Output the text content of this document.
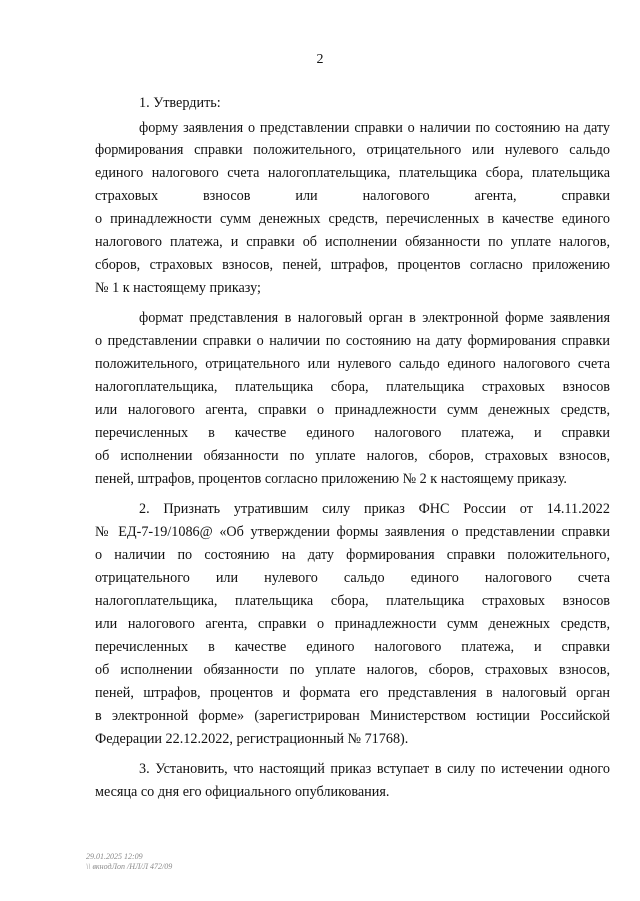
2
1. Утвердить:
форму заявления о представлении справки о наличии по состоянию на дату
формирования справки положительного, отрицательного или нулевого сальдо
единого налогового счета налогоплательщика, плательщика сбора, плательщика
страховых взносов или налогового агента, справки
о принадлежности сумм денежных средств, перечисленных в качестве единого
налогового платежа, и справки об исполнении обязанности по уплате налогов,
сборов, страховых взносов, пеней, штрафов, процентов согласно приложению
№ 1 к настоящему приказу;
формат представления в налоговый орган в электронной форме заявления
о представлении справки о наличии по состоянию на дату формирования справки
положительного, отрицательного или нулевого сальдо единого налогового счета
налогоплательщика, плательщика сбора, плательщика страховых взносов
или налогового агента, справки о принадлежности сумм денежных средств,
перечисленных в качестве единого налогового платежа, и справки
об исполнении обязанности по уплате налогов, сборов, страховых взносов,
пеней, штрафов, процентов согласно приложению № 2 к настоящему приказу.
2. Признать утратившим силу приказ ФНС России от 14.11.2022
№ ЕД-7-19/1086@ «Об утверждении формы заявления о представлении справки
о наличии по состоянию на дату формирования справки положительного,
отрицательного или нулевого сальдо единого налогового счета
налогоплательщика, плательщика сбора, плательщика страховых взносов
или налогового агента, справки о принадлежности сумм денежных средств,
перечисленных в качестве единого налогового платежа, и справки
об исполнении обязанности по уплате налогов, сборов, страховых взносов,
пеней, штрафов, процентов и формата его представления в налоговый орган
в электронной форме» (зарегистрирован Министерством юстиции Российской
Федерации 22.12.2022, регистрационный № 71768).
3. Установить, что настоящий приказ вступает в силу по истечении одного
месяца со дня его официального опубликования.
29.01.2025 12:09
\\ вкнодЛоп /НЛ/Л 472/09
